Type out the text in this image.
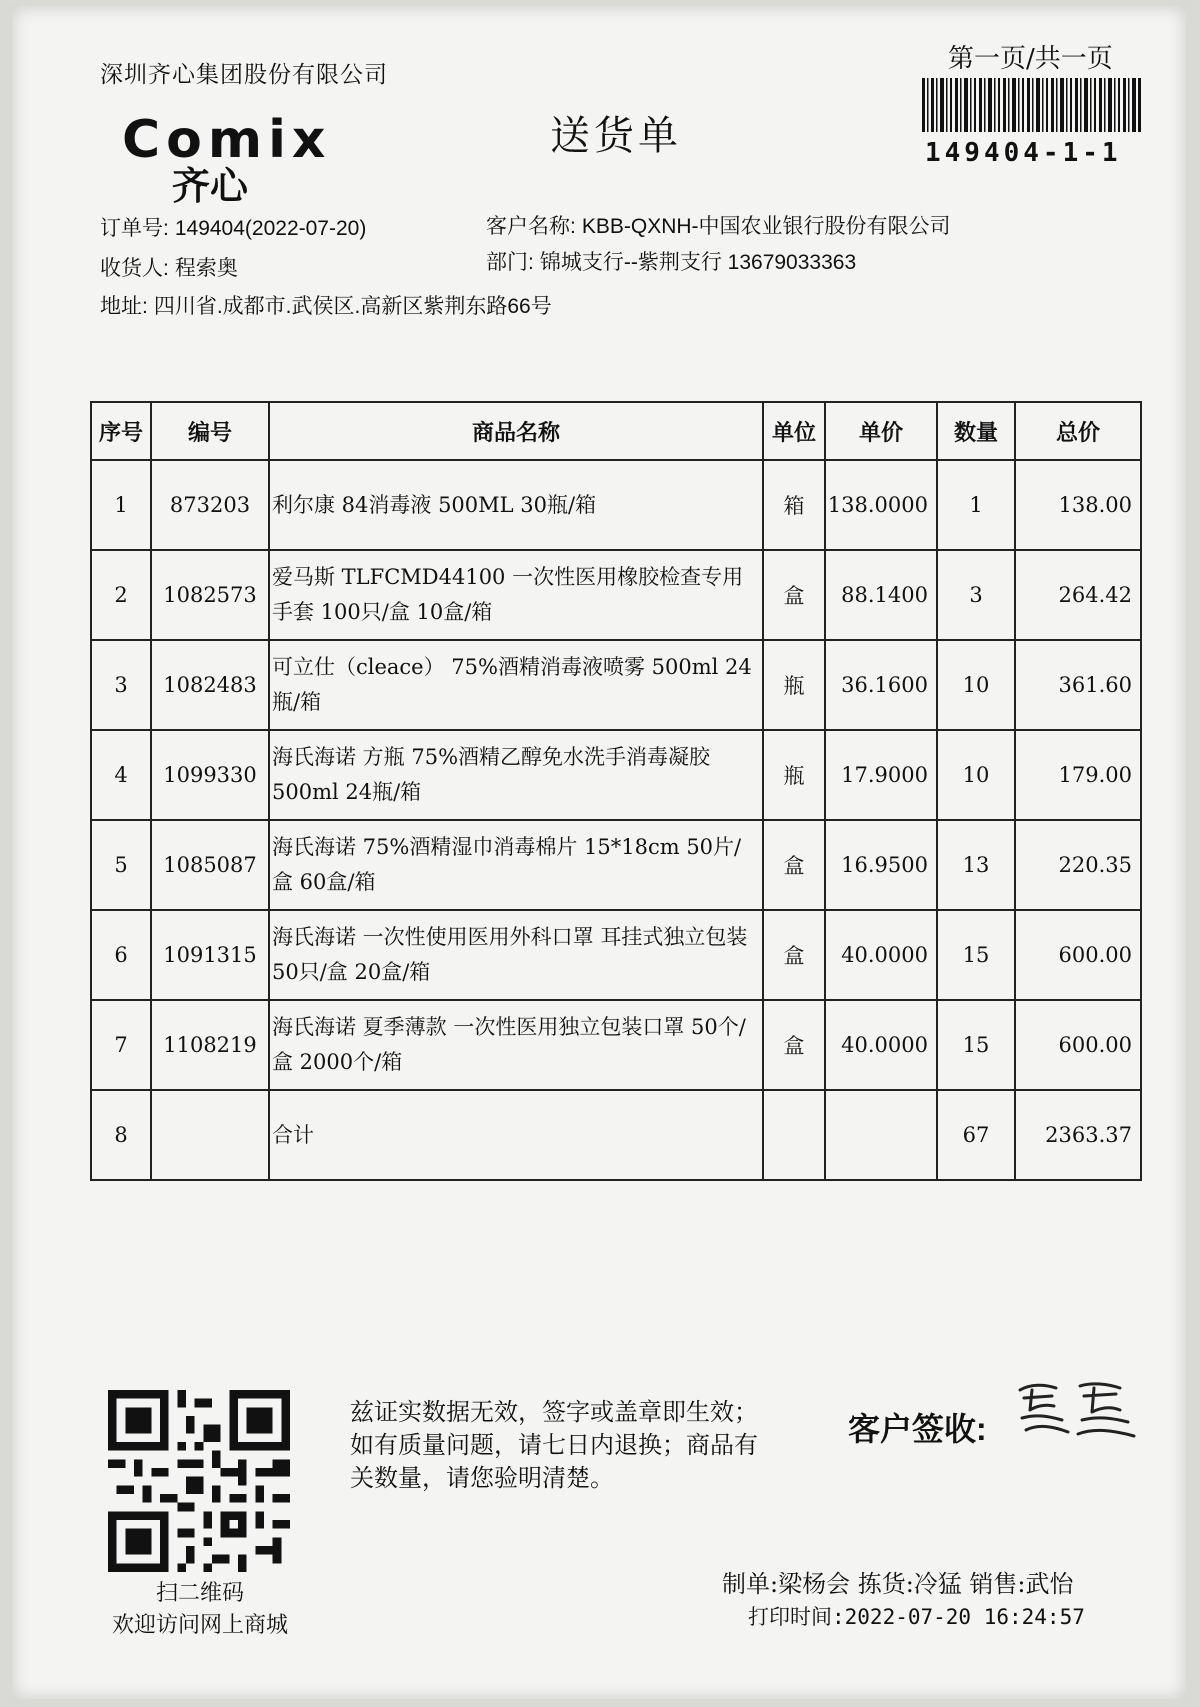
深圳齐心集团股份有限公司
Comix
齐心
送货单
第一页/共一页
149404-1-1
订单号: 149404(2022-07-20)	客户名称: KBB-QXNH-中国农业银行股份有限公司
收货人: 程索奥	部门: 锦城支行--紫荆支行 13679033363
地址: 四川省.成都市.武侯区.高新区紫荆东路66号
序号	编号	商品名称	单位	单价	数量	总价
1	873203	利尔康 84消毒液 500ML 30瓶/箱	箱	138.0000	1	138.00
2	1082573	爱马斯 TLFCMD44100 一次性医用橡胶检查专用手套 100只/盒 10盒/箱	盒	88.1400	3	264.42
3	1082483	可立仕（cleace） 75%酒精消毒液喷雾 500ml 24瓶/箱	瓶	36.1600	10	361.60
4	1099330	海氏海诺 方瓶 75%酒精乙醇免水洗手消毒凝胶 500ml 24瓶/箱	瓶	17.9000	10	179.00
5	1085087	海氏海诺 75%酒精湿巾消毒棉片 15*18cm 50片/盒 60盒/箱	盒	16.9500	13	220.35
6	1091315	海氏海诺 一次性使用医用外科口罩 耳挂式独立包装 50只/盒 20盒/箱	盒	40.0000	15	600.00
7	1108219	海氏海诺 夏季薄款 一次性医用独立包装口罩 50个/盒 2000个/箱	盒	40.0000	15	600.00
8		合计			67	2363.37
扫二维码
欢迎访问网上商城
兹证实数据无效，签字或盖章即生效；如有质量问题，请七日内退换；商品有关数量，请您验明清楚。
客户签收:
制单:梁杨会 拣货:冷猛 销售:武怡
打印时间:2022-07-20 16:24:57
